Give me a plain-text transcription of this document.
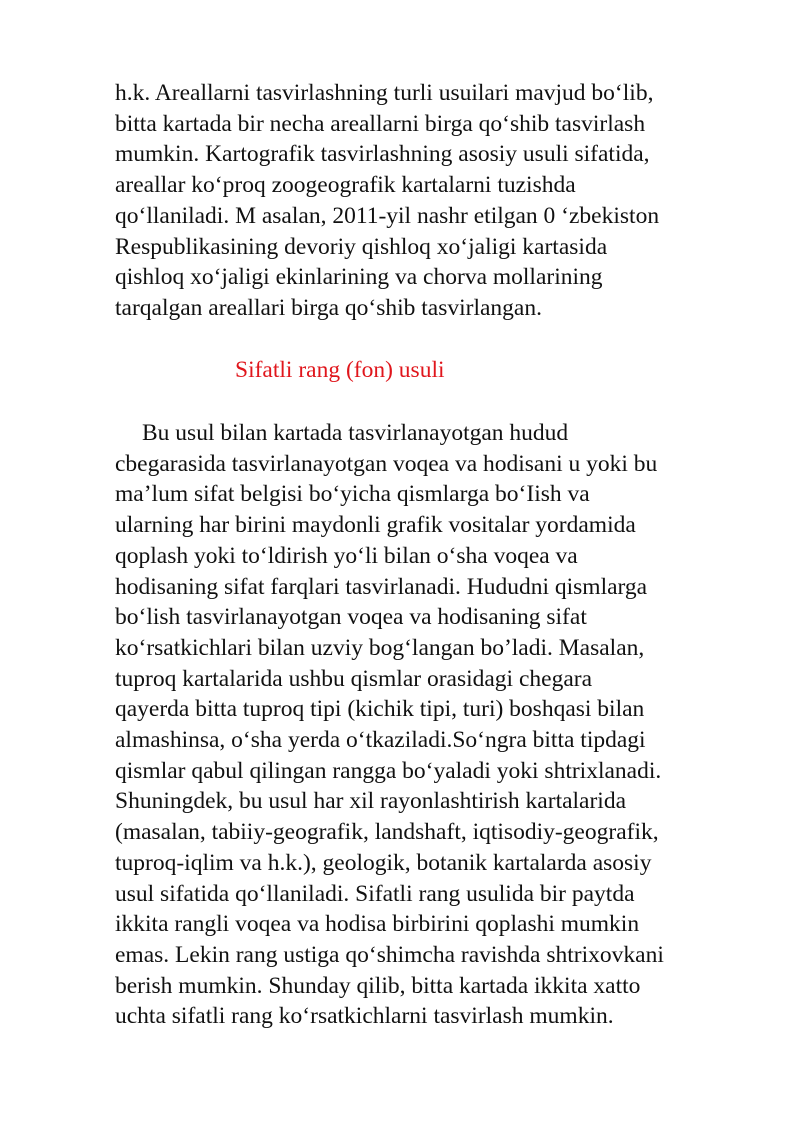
h.k. Areallarni tasvirlashning turli usuilari mavjud bo‘lib,
bitta kartada bir necha areallarni birga qo‘shib tasvirlash
mumkin. Kartografik tasvirlashning asosiy usuli sifatida,
areallar ko‘proq zoogeografik kartalarni tuzishda
qo‘llaniladi. M asalan, 2011-yil nashr etilgan 0 ‘zbekiston
Respublikasining devoriy qishloq xo‘jaligi kartasida
qishloq xo‘jaligi ekinlarining va chorva mollarining
tarqalgan areallari birga qo‘shib tasvirlangan.
Sifatli rang (fon) usuli
Bu usul bilan kartada tasvirlanayotgan hudud
cbegarasida tasvirlanayotgan voqea va hodisani u yoki bu
ma’lum sifat belgisi bo‘yicha qismlarga bo‘Iish va
ularning har birini maydonli grafik vositalar yordamida
qoplash yoki to‘ldirish yo‘li bilan o‘sha voqea va
hodisaning sifat farqlari tasvirlanadi. Hududni qismlarga
bo‘lish tasvirlanayotgan voqea va hodisaning sifat
ko‘rsatkichlari bilan uzviy bog‘langan bo’ladi. Masalan,
tuproq kartalarida ushbu qismlar orasidagi chegara
qayerda bitta tuproq tipi (kichik tipi, turi) boshqasi bilan
almashinsa, o‘sha yerda o‘tkaziladi.So‘ngra bitta tipdagi
qismlar qabul qilingan rangga bo‘yaladi yoki shtrixlanadi.
Shuningdek, bu usul har xil rayonlashtirish kartalarida
(masalan, tabiiy-geografik, landshaft, iqtisodiy-geografik,
tuproq-iqlim va h.k.), geologik, botanik kartalarda asosiy
usul sifatida qo‘llaniladi. Sifatli rang usulida bir paytda
ikkita rangli voqea va hodisa birbirini qoplashi mumkin
emas. Lekin rang ustiga qo‘shimcha ravishda shtrixovkani
berish mumkin. Shunday qilib, bitta kartada ikkita xatto
uchta sifatli rang ko‘rsatkichlarni tasvirlash mumkin.
